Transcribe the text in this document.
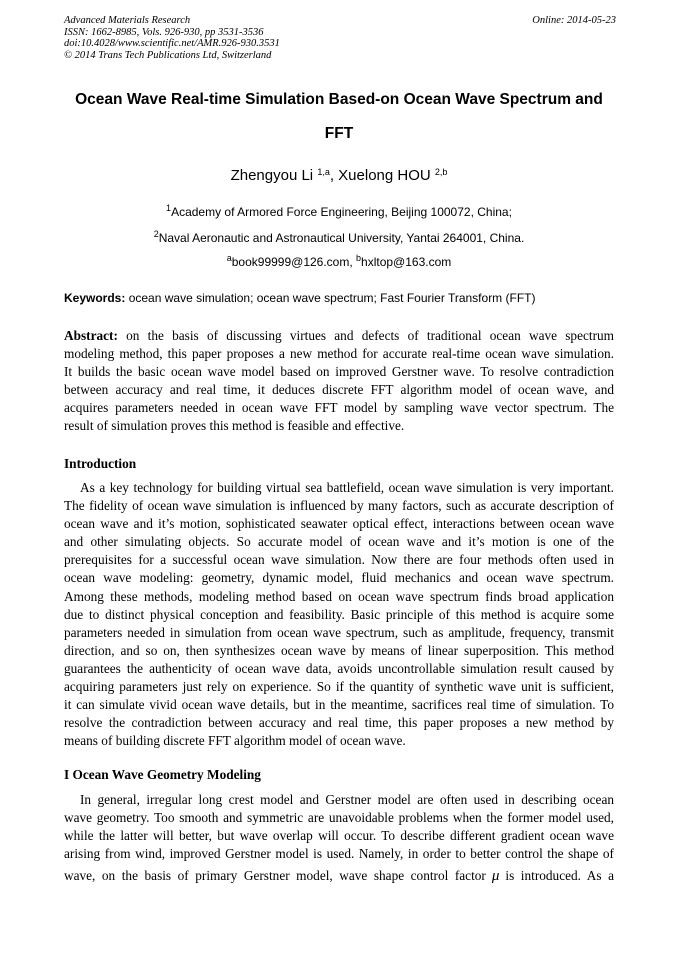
Advanced Materials Research
ISSN: 1662-8985, Vols. 926-930, pp 3531-3536
doi:10.4028/www.scientific.net/AMR.926-930.3531
© 2014 Trans Tech Publications Ltd, Switzerland
Online: 2014-05-23
Ocean Wave Real-time Simulation Based-on Ocean Wave Spectrum and
FFT
Zhengyou Li $^{1,a}$, Xuelong HOU $^{2,b}$
$^1$Academy of Armored Force Engineering, Beijing 100072, China;
$^2$Naval Aeronautic and Astronautical University, Yantai 264001, China.
$^a$book99999@126.com, $^b$hxltop@163.com
Keywords: ocean wave simulation; ocean wave spectrum; Fast Fourier Transform (FFT)
Abstract: on the basis of discussing virtues and defects of traditional ocean wave spectrum
modeling method, this paper proposes a new method for accurate real-time ocean wave simulation.
It builds the basic ocean wave model based on improved Gerstner wave. To resolve contradiction
between accuracy and real time, it deduces discrete FFT algorithm model of ocean wave, and
acquires parameters needed in ocean wave FFT model by sampling wave vector spectrum. The
result of simulation proves this method is feasible and effective.
Introduction
As a key technology for building virtual sea battlefield, ocean wave simulation is very important.
The fidelity of ocean wave simulation is influenced by many factors, such as accurate description of
ocean wave and it’s motion, sophisticated seawater optical effect, interactions between ocean wave
and other simulating objects. So accurate model of ocean wave and it’s motion is one of the
prerequisites for a successful ocean wave simulation. Now there are four methods often used in
ocean wave modeling: geometry, dynamic model, fluid mechanics and ocean wave spectrum.
Among these methods, modeling method based on ocean wave spectrum finds broad application
due to distinct physical conception and feasibility. Basic principle of this method is acquire some
parameters needed in simulation from ocean wave spectrum, such as amplitude, frequency, transmit
direction, and so on, then synthesizes ocean wave by means of linear superposition. This method
guarantees the authenticity of ocean wave data, avoids uncontrollable simulation result caused by
acquiring parameters just rely on experience. So if the quantity of synthetic wave unit is sufficient,
it can simulate vivid ocean wave details, but in the meantime, sacrifices real time of simulation. To
resolve the contradiction between accuracy and real time, this paper proposes a new method by
means of building discrete FFT algorithm model of ocean wave.
I Ocean Wave Geometry Modeling
In general, irregular long crest model and Gerstner model are often used in describing ocean
wave geometry. Too smooth and symmetric are unavoidable problems when the former model used,
while the latter will better, but wave overlap will occur. To describe different gradient ocean wave
arising from wind, improved Gerstner model is used. Namely, in order to better control the shape of
wave, on the basis of primary Gerstner model, wave shape control factor μ is introduced. As a
